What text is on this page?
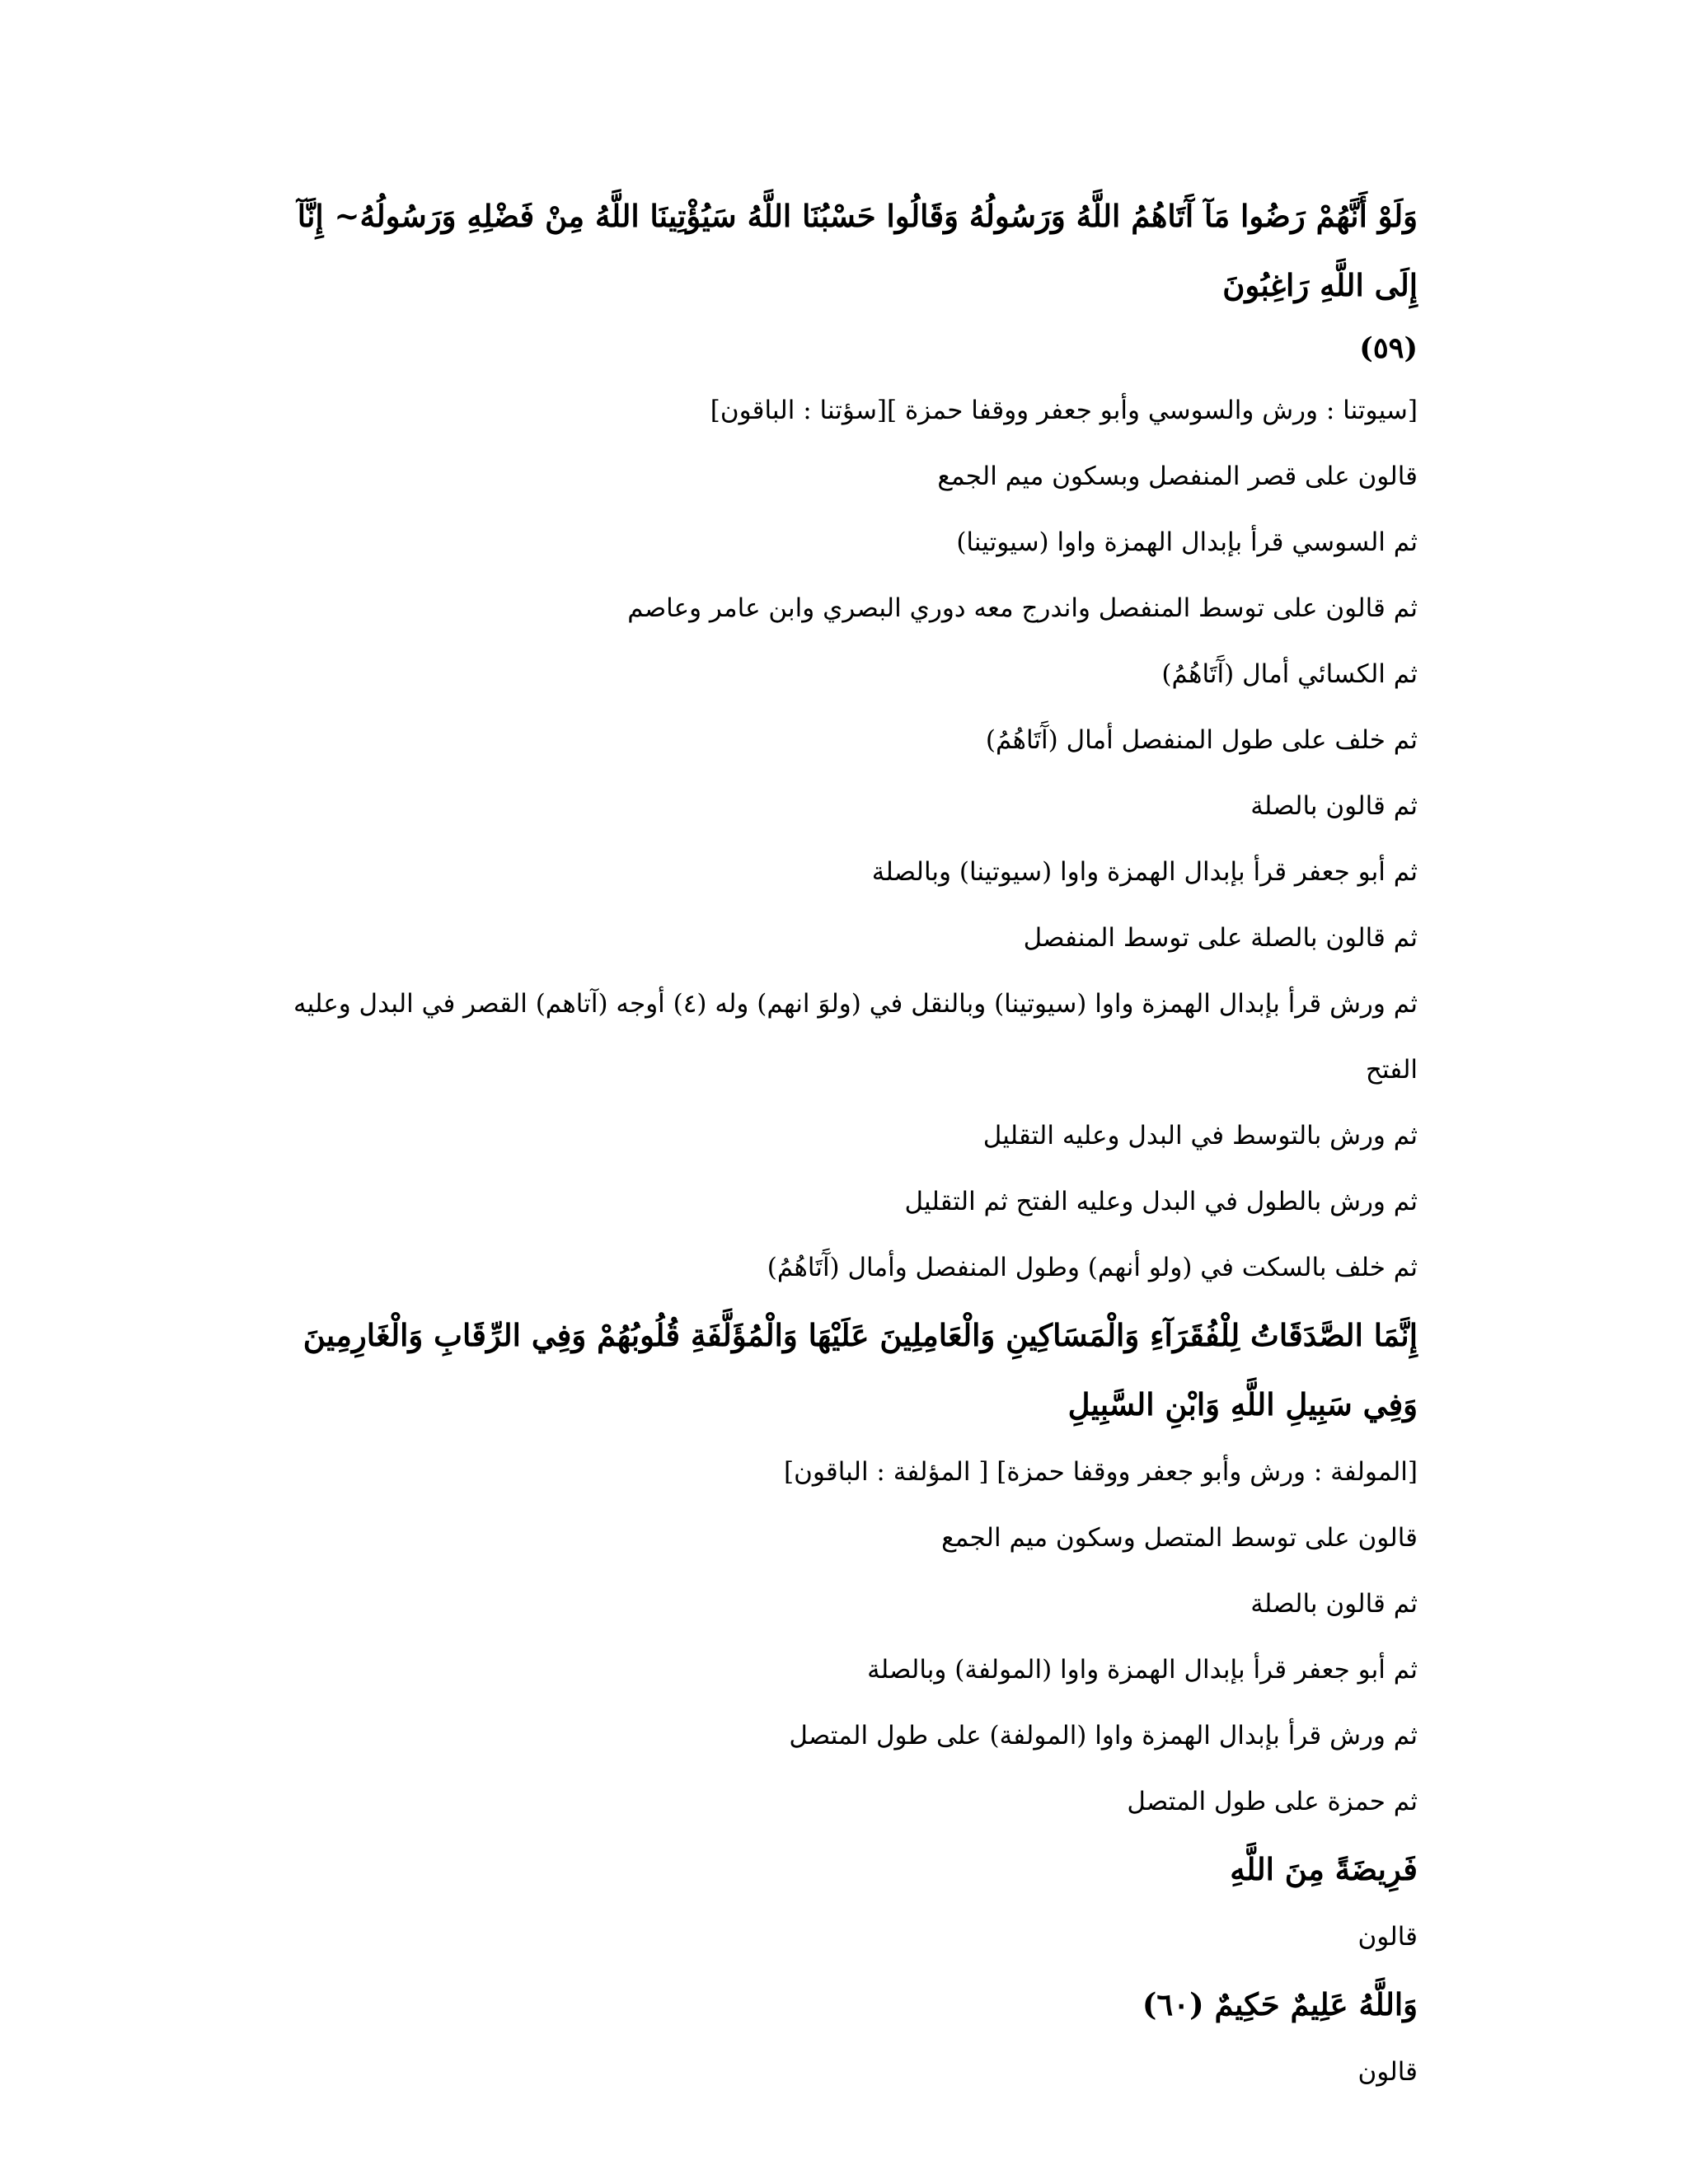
وَلَوْ أَنَّهُمْ رَضُوا مَآ آَتَاهُمُ اللَّهُ وَرَسُولُهُ وَقَالُوا حَسْبُنَا اللَّهُ سَيُؤْتِينَا اللَّهُ مِنْ فَضْلِهِ وَرَسُولُهُ~ إِنَّآ إِلَى اللَّهِ رَاغِبُونَ

(٥٩)

[سيوتنا : ورش والسوسي وأبو جعفر ووقفا حمزة ][سؤتنا : الباقون]

قالون على قصر المنفصل وبسكون ميم الجمع

ثم السوسي قرأ بإبدال الهمزة واوا (سيوتينا)

ثم قالون على توسط المنفصل واندرج معه دوري البصري وابن عامر وعاصم

ثم الكسائي أمال (آَتَاهُمُ)

ثم خلف على طول المنفصل أمال (آَتَاهُمُ)

ثم قالون بالصلة

ثم أبو جعفر قرأ بإبدال الهمزة واوا (سيوتينا) وبالصلة

ثم قالون بالصلة على توسط المنفصل

ثم ورش قرأ بإبدال الهمزة واوا (سيوتينا) وبالنقل في (ولوَ انهم) وله (٤) أوجه (آتاهم) القصر في البدل وعليه الفتح

ثم ورش بالتوسط في البدل وعليه التقليل

ثم ورش بالطول في البدل وعليه الفتح ثم التقليل

ثم خلف بالسكت في (ولو أنهم) وطول المنفصل وأمال (آَتَاهُمُ)

إِنَّمَا الصَّدَقَاتُ لِلْفُقَرَآءِ وَالْمَسَاكِينِ وَالْعَامِلِينَ عَلَيْهَا وَالْمُؤَلَّفَةِ قُلُوبُهُمْ وَفِي الرِّقَابِ وَالْغَارِمِينَ وَفِي سَبِيلِ اللَّهِ وَابْنِ السَّبِيلِ

[المولفة : ورش وأبو جعفر ووقفا حمزة] [ المؤلفة : الباقون]

قالون على توسط المتصل وسكون ميم الجمع

ثم قالون بالصلة

ثم أبو جعفر قرأ بإبدال الهمزة واوا (المولفة) وبالصلة

ثم ورش قرأ بإبدال الهمزة واوا (المولفة) على طول المتصل

ثم حمزة على طول المتصل

فَرِيضَةً مِنَ اللَّهِ

قالون

وَاللَّهُ عَلِيمٌ حَكِيمٌ (٦٠)

قالون
